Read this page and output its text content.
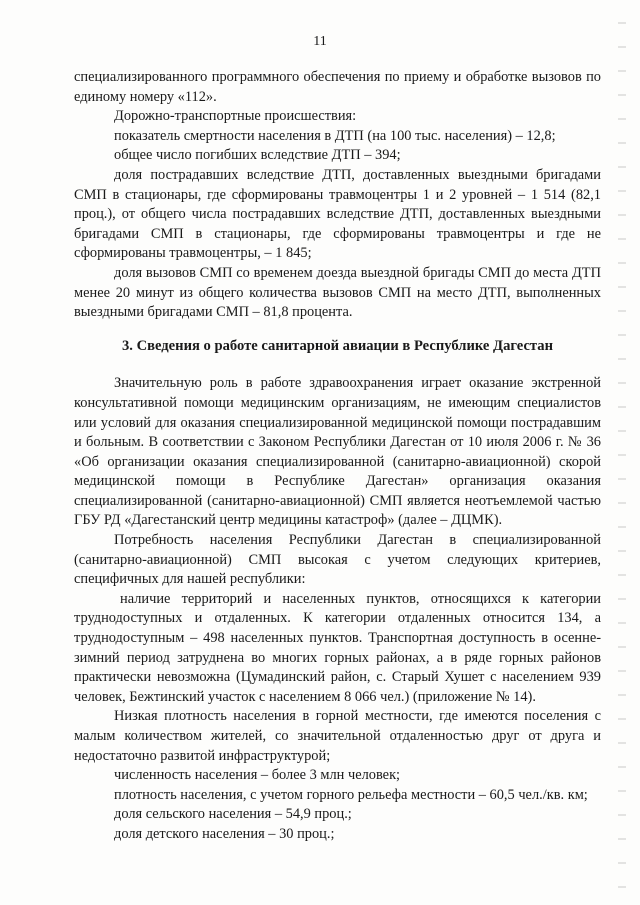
11

специализированного программного обеспечения по приему и обработке вызовов по единому номеру «112».

Дорожно-транспортные происшествия:

показатель смертности населения в ДТП (на 100 тыс. населения) – 12,8;

общее число погибших вследствие ДТП – 394;

доля пострадавших вследствие ДТП, доставленных выездными бригадами СМП в стационары, где сформированы травмоцентры 1 и 2 уровней – 1 514 (82,1 проц.), от общего числа пострадавших вследствие ДТП, доставленных выездными бригадами СМП в стационары, где сформированы травмоцентры и где не сформированы травмоцентры, – 1 845;

доля вызовов СМП со временем доезда выездной бригады СМП до места ДТП менее 20 минут из общего количества вызовов СМП на место ДТП, выполненных выездными бригадами СМП – 81,8 процента.

3. Сведения о работе санитарной авиации в Республике Дагестан

Значительную роль в работе здравоохранения играет оказание экстренной консультативной помощи медицинским организациям, не имеющим специалистов или условий для оказания специализированной медицинской помощи пострадавшим и больным. В соответствии с Законом Республики Дагестан от 10 июля 2006 г. № 36 «Об организации оказания специализированной (санитарно-авиационной) скорой медицинской помощи в Республике Дагестан» организация оказания специализированной (санитарно-авиационной) СМП является неотъемлемой частью ГБУ РД «Дагестанский центр медицины катастроф» (далее – ДЦМК).

Потребность населения Республики Дагестан в специализированной (санитарно-авиационной) СМП высокая с учетом следующих критериев, специфичных для нашей республики:

наличие территорий и населенных пунктов, относящихся к категории труднодоступных и отдаленных. К категории отдаленных относится 134, а труднодоступным – 498 населенных пунктов. Транспортная доступность в осенне-зимний период затруднена во многих горных районах, а в ряде горных районов практически невозможна (Цумадинский район, с. Старый Хушет с населением 939 человек, Бежтинский участок с населением 8 066 чел.) (приложение № 14).

Низкая плотность населения в горной местности, где имеются поселения с малым количеством жителей, со значительной отдаленностью друг от друга и недостаточно развитой инфраструктурой;

численность населения – более 3 млн человек;

плотность населения, с учетом горного рельефа местности – 60,5 чел./кв. км;

доля сельского населения – 54,9 проц.;

доля детского населения – 30 проц.;
